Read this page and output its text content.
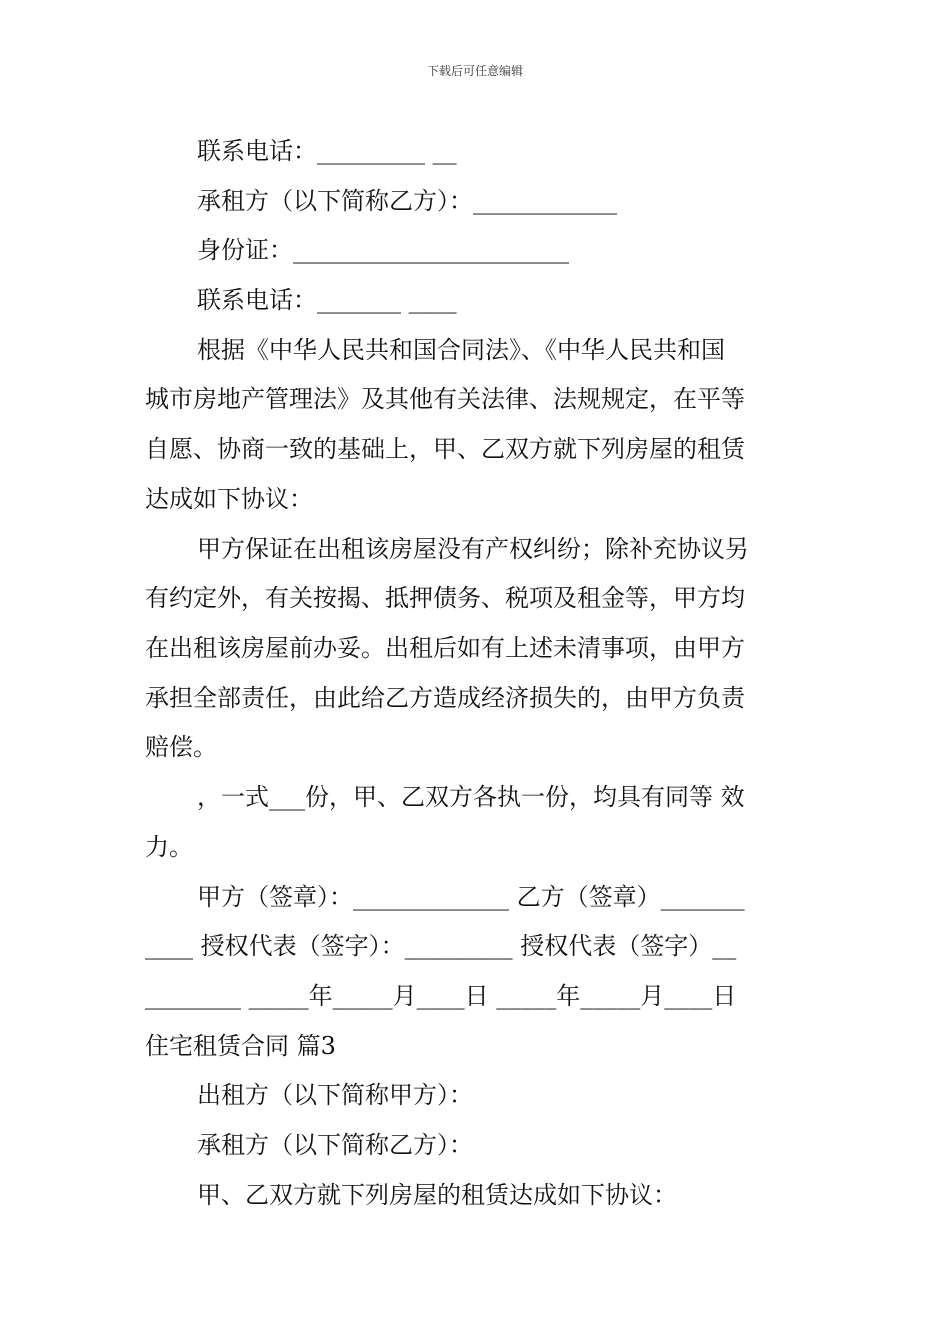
下载后可任意编辑
联系电话：_________ __
承租方（以下简称乙方）：____________
身份证：_______________________
联系电话：_______ ____
根据《中华人民共和国合同法》、《中华人民共和国
城市房地产管理法》及其他有关法律、法规规定，在平等
自愿、协商一致的基础上，甲、乙双方就下列房屋的租赁
达成如下协议：
甲方保证在出租该房屋没有产权纠纷；除补充协议另
有约定外，有关按揭、抵押债务、税项及租金等，甲方均
在出租该房屋前办妥。出租后如有上述未清事项，由甲方
承担全部责任，由此给乙方造成经济损失的，由甲方负责
赔偿。
，一式___份，甲、乙双方各执一份，均具有同等 效
力。
甲方（签章）：_____________ 乙方（签章）_______
____ 授权代表（签字）：_________ 授权代表（签字）__
________ _____年_____月____日 _____年_____月____日
住宅租赁合同 篇3
出租方（以下简称甲方）：
承租方（以下简称乙方）：
甲、乙双方就下列房屋的租赁达成如下协议：
